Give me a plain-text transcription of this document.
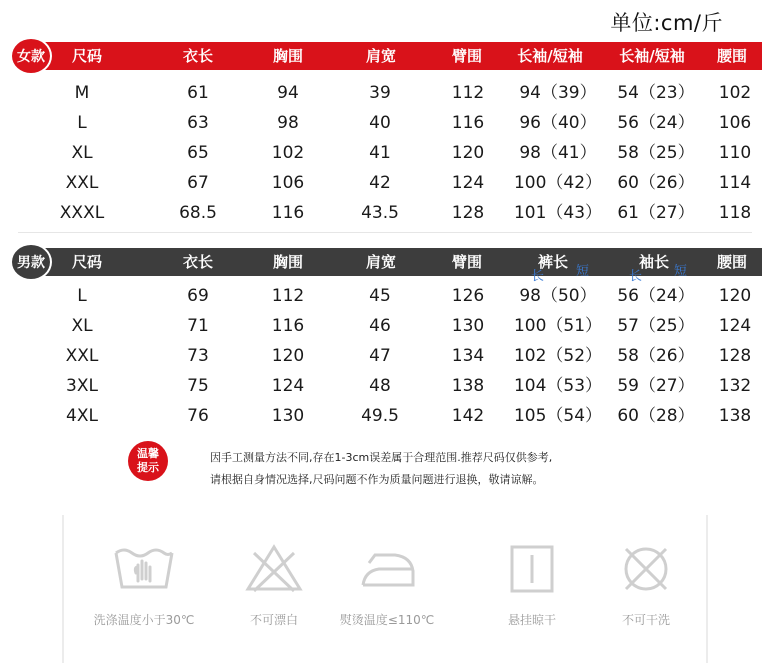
单位:cm/斤
尺码	衣长	胸围	肩宽	臂围	长袖/短袖	长袖/短袖	腰围
女款
M	61	94	39	112	94（39）	54（23）	102
L	63	98	40	116	96（40）	56（24）	106
XL	65	102	41	120	98（41）	58（25）	110
XXL	67	106	42	124	100（42） 60（26）	114
XXXL	68.5	116	43.5	128	101（43） 61（27）	118
尺码	衣长	胸围	肩宽	臂围	裤长	袖长	腰围
长 短	长 短
男款
L	69	112	45	126	98（50）	56（24）	120
XL	71	116	46	130	100（51） 57（25）	124
XXL	73	120	47	134	102（52） 58（26）	128
3XL	75	124	48	138	104（53） 59（27）	132
4XL	76	130	49.5	142	105（54） 60（28）	138
温馨
提示
因手工测量方法不同,存在1-3cm误差属于合理范围.推荐尺码仅供参考,
请根据自身情况选择,尺码问题不作为质量问题进行退换，敬请谅解。
洗涤温度小于30℃	不可漂白	熨烫温度≤110℃	悬挂晾干	不可干洗
